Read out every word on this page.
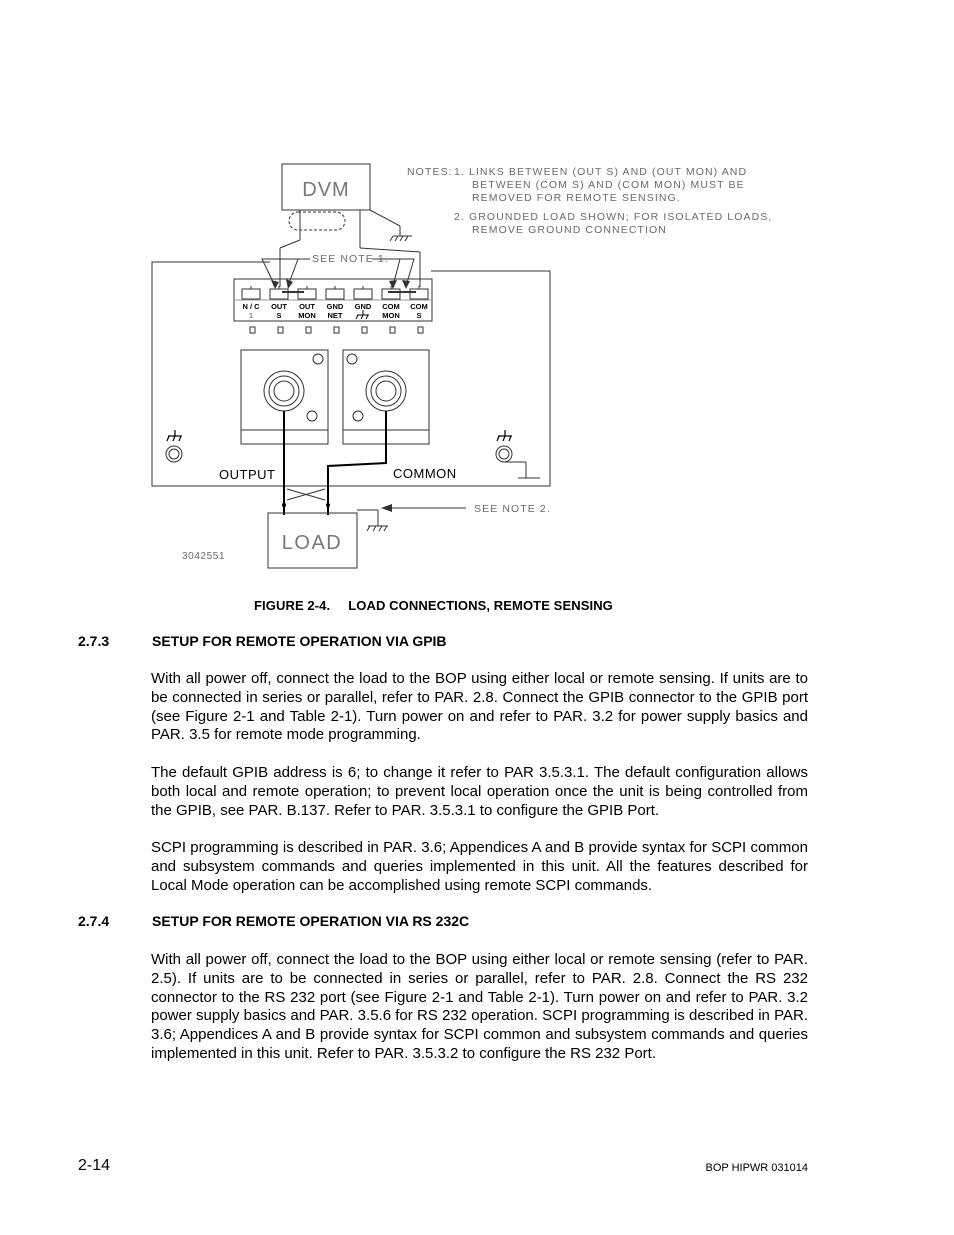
NOTES: 1. LINKS BETWEEN (OUT S) AND (OUT MON) AND
BETWEEN (COM S) AND (COM MON) MUST BE
REMOVED FOR REMOTE SENSING.
2. GROUNDED LOAD SHOWN; FOR ISOLATED LOADS,
REMOVE GROUND CONNECTION
DVM
SEE NOTE 1.
N / C
1
OUT
S
OUT
MON
GND
NET
GND COM
MON
COM
S
OUTPUT	COMMON
LOAD
SEE NOTE 2.
3042551
FIGURE 2-4. LOAD CONNECTIONS, REMOTE SENSING
2.7.3	SETUP FOR REMOTE OPERATION VIA GPIB

With all power off, connect the load to the BOP using either local or remote sensing. If units are to be connected in series or parallel, refer to PAR. 2.8. Connect the GPIB connector to the GPIB port (see Figure 2-1 and Table 2-1). Turn power on and refer to PAR. 3.2 for power supply basics and PAR. 3.5 for remote mode programming.

The default GPIB address is 6; to change it refer to PAR 3.5.3.1. The default configuration allows both local and remote operation; to prevent local operation once the unit is being controlled from the GPIB, see PAR. B.137. Refer to PAR. 3.5.3.1 to configure the GPIB Port.

SCPI programming is described in PAR. 3.6; Appendices A and B provide syntax for SCPI common and subsystem commands and queries implemented in this unit. All the features described for Local Mode operation can be accomplished using remote SCPI commands.

2.7.4	SETUP FOR REMOTE OPERATION VIA RS 232C

With all power off, connect the load to the BOP using either local or remote sensing (refer to PAR. 2.5). If units are to be connected in series or parallel, refer to PAR. 2.8. Connect the RS 232 connector to the RS 232 port (see Figure 2-1 and Table 2-1). Turn power on and refer to PAR. 3.2 power supply basics and PAR. 3.5.6 for RS 232 operation. SCPI programming is described in PAR. 3.6; Appendices A and B provide syntax for SCPI common and subsystem commands and queries implemented in this unit. Refer to PAR. 3.5.3.2 to configure the RS 232 Port.

2-14	BOP HIPWR 031014
